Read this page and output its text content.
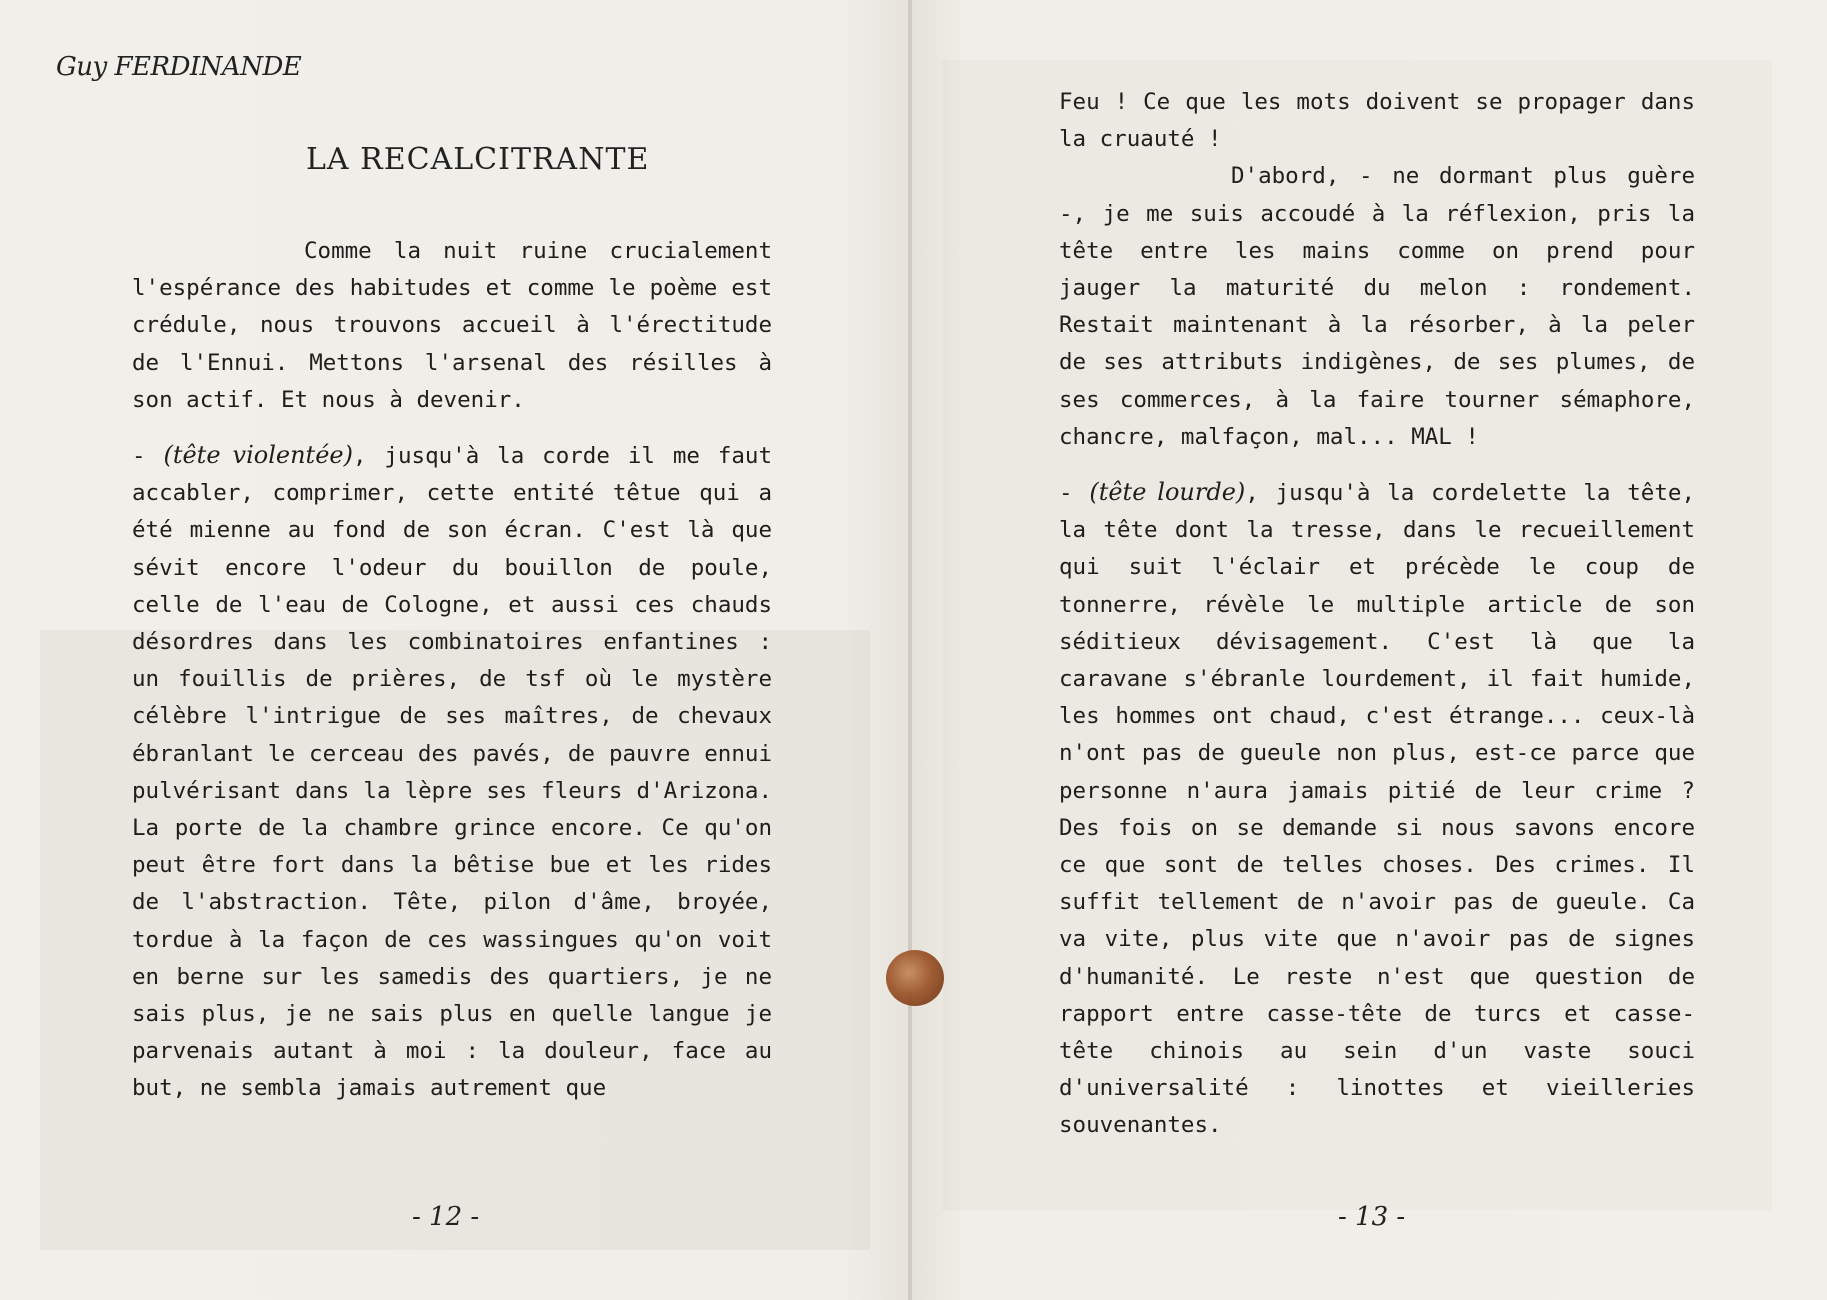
Guy FERDINANDE
LA RECALCITRANTE

Comme la nuit ruine crucialement l'espérance des habitudes et comme le poème est crédule, nous trouvons accueil à l'érectitude de l'Ennui. Mettons l'arsenal des résilles à son actif. Et nous à devenir.

- (tête violentée), jusqu'à la corde il me faut accabler, comprimer, cette entité têtue qui a été mienne au fond de son écran. C'est là que sévit encore l'odeur du bouillon de poule, celle de l'eau de Cologne, et aussi ces chauds désordres dans les combinatoires enfantines : un fouillis de prières, de tsf où le mystère célèbre l'intrigue de ses maîtres, de chevaux ébranlant le cerceau des pavés, de pauvre ennui pulvérisant dans la lèpre ses fleurs d'Arizona. La porte de la chambre grince encore. Ce qu'on peut être fort dans la bêtise bue et les rides de l'abstraction. Tête, pilon d'âme, broyée, tordue à la façon de ces wassingues qu'on voit en berne sur les samedis des quartiers, je ne sais plus, je ne sais plus en quelle langue je parvenais autant à moi : la douleur, face au but, ne sembla jamais autrement que

- 12 -

Feu ! Ce que les mots doivent se propager dans la cruauté !

D'abord, - ne dormant plus guère -, je me suis accoudé à la réflexion, pris la tête entre les mains comme on prend pour jauger la maturité du melon : rondement. Restait maintenant à la résorber, à la peler de ses attributs indigènes, de ses plumes, de ses commerces, à la faire tourner sémaphore, chancre, malfaçon, mal... MAL !

- (tête lourde), jusqu'à la cordelette la tête, la tête dont la tresse, dans le recueillement qui suit l'éclair et précède le coup de tonnerre, révèle le multiple article de son séditieux dévisagement. C'est là que la caravane s'ébranle lourdement, il fait humide, les hommes ont chaud, c'est étrange... ceux-là n'ont pas de gueule non plus, est-ce parce que personne n'aura jamais pitié de leur crime ? Des fois on se demande si nous savons encore ce que sont de telles choses. Des crimes. Il suffit tellement de n'avoir pas de gueule. Ca va vite, plus vite que n'avoir pas de signes d'humanité. Le reste n'est que question de rapport entre casse-tête de turcs et casse-tête chinois au sein d'un vaste souci d'universalité : linottes et vieilleries souvenantes.

- 13 -
